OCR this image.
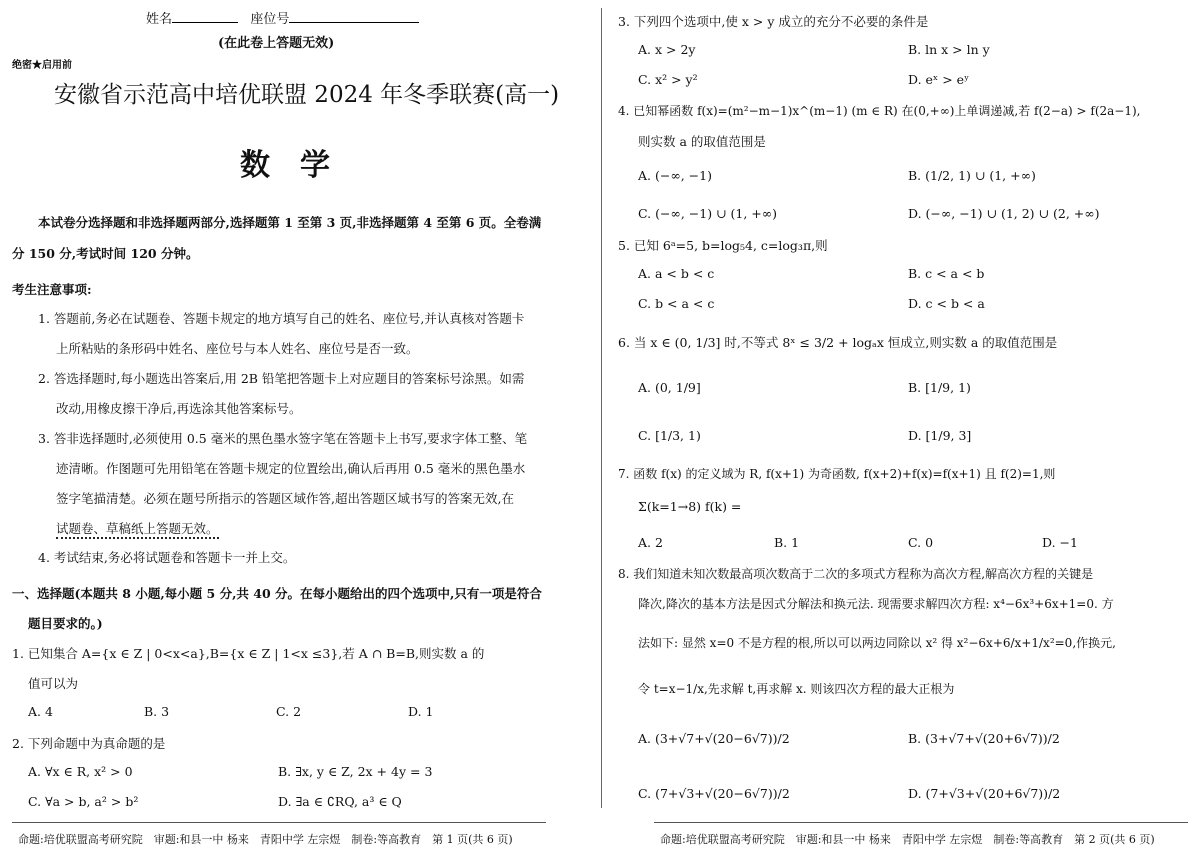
姓名	座位号
(在此卷上答题无效)
绝密★启用前
安徽省示范高中培优联盟 2024 年冬季联赛(高一)
数　学
本试卷分选择题和非选择题两部分,选择题第 1 至第 3 页,非选择题第 4 至第 6 页。全卷满
分 150 分,考试时间 120 分钟。
考生注意事项:
1. 答题前,务必在试题卷、答题卡规定的地方填写自己的姓名、座位号,并认真核对答题卡
上所粘贴的条形码中姓名、座位号与本人姓名、座位号是否一致。
2. 答选择题时,每小题选出答案后,用 2B 铅笔把答题卡上对应题目的答案标号涂黑。如需
改动,用橡皮擦干净后,再选涂其他答案标号。
3. 答非选择题时,必须使用 0.5 毫米的黑色墨水签字笔在答题卡上书写,要求字体工整、笔
迹清晰。作图题可先用铅笔在答题卡规定的位置绘出,确认后再用 0.5 毫米的黑色墨水
签字笔描清楚。必须在题号所指示的答题区域作答,超出答题区域书写的答案无效,在
试题卷、草稿纸上答题无效。
4. 考试结束,务必将试题卷和答题卡一并上交。
一、选择题(本题共 8 小题,每小题 5 分,共 40 分。在每小题给出的四个选项中,只有一项是符合
题目要求的。)
1. 已知集合 A={x ∈ Z | 0<x<a},B={x ∈ Z | 1<x ≤3},若 A ∩ B=B,则实数 a 的
值可以为
A. 4	B. 3	C. 2	D. 1
2. 下列命题中为真命题的是
A. ∀x ∈ R, x² > 0	B. ∃x, y ∈ Z, 2x + 4y = 3
C. ∀a > b, a² > b²	D. ∃a ∈ ∁RQ, a³ ∈ Q
命题:培优联盟高考研究院　审题:和县一中 杨来　青阳中学 左宗煜　制卷:等高教育　第 1 页(共 6 页)
3. 下列四个选项中,使 x > y 成立的充分不必要的条件是
A. x > 2y	B. ln x > ln y
C. x² > y²	D. eˣ > eʸ
4. 已知幂函数 f(x)=(m²−m−1)x^(m−1) (m ∈ R) 在(0,+∞)上单调递减,若 f(2−a) > f(2a−1),
则实数 a 的取值范围是
A. (−∞, −1)	B. (1/2, 1) ∪ (1, +∞)
C. (−∞, −1) ∪ (1, +∞)	D. (−∞, −1) ∪ (1, 2) ∪ (2, +∞)
5. 已知 6ᵃ=5, b=log₅4, c=log₃π,则
A. a < b < c	B. c < a < b
C. b < a < c	D. c < b < a
6. 当 x ∈ (0, 1/3] 时,不等式 8ˣ ≤ 3/2 + logₐx 恒成立,则实数 a 的取值范围是
A. (0, 1/9]	B. [1/9, 1)
C. [1/3, 1)	D. [1/9, 3]
7. 函数 f(x) 的定义域为 R, f(x+1) 为奇函数, f(x+2)+f(x)=f(x+1) 且 f(2)=1,则
Σ(k=1→8) f(k) =
A. 2	B. 1	C. 0	D. −1
8. 我们知道未知次数最高项次数高于二次的多项式方程称为高次方程,解高次方程的关键是
降次,降次的基本方法是因式分解法和换元法. 现需要求解四次方程: x⁴−6x³+6x+1=0. 方
法如下: 显然 x=0 不是方程的根,所以可以两边同除以 x² 得 x²−6x+6/x+1/x²=0,作换元,
令 t=x−1/x,先求解 t,再求解 x. 则该四次方程的最大正根为
A. (3+√7+√(20−6√7))/2	B. (3+√7+√(20+6√7))/2
C. (7+√3+√(20−6√7))/2	D. (7+√3+√(20+6√7))/2
命题:培优联盟高考研究院　审题:和县一中 杨来　青阳中学 左宗煜　制卷:等高教育　第 2 页(共 6 页)
